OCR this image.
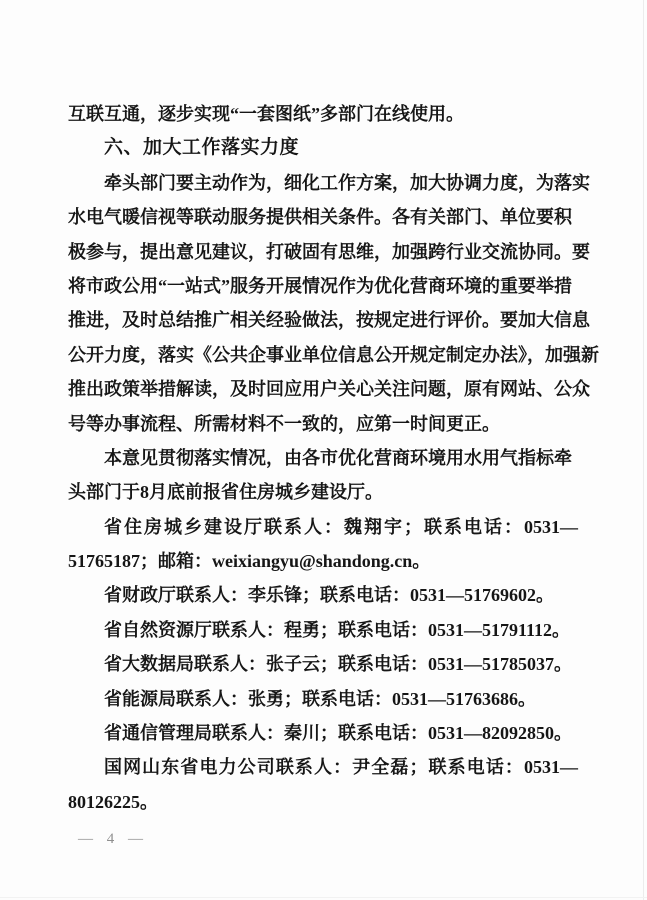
互联互通，逐步实现“一套图纸”多部门在线使用。
六、加大工作落实力度
牵头部门要主动作为，细化工作方案，加大协调力度，为落实
水电气暖信视等联动服务提供相关条件。各有关部门、单位要积
极参与，提出意见建议，打破固有思维，加强跨行业交流协同。要
将市政公用“一站式”服务开展情况作为优化营商环境的重要举措
推进，及时总结推广相关经验做法，按规定进行评价。要加大信息
公开力度，落实《公共企事业单位信息公开规定制定办法》，加强新
推出政策举措解读，及时回应用户关心关注问题，原有网站、公众
号等办事流程、所需材料不一致的，应第一时间更正。
本意见贯彻落实情况，由各市优化营商环境用水用气指标牵
头部门于8月底前报省住房城乡建设厅。
省住房城乡建设厅联系人：魏翔宇；联系电话：0531—
51765187；邮箱：weixiangyu@shandong.cn。
省财政厅联系人：李乐锋；联系电话：0531—51769602。
省自然资源厅联系人：程勇；联系电话：0531—51791112。
省大数据局联系人：张子云；联系电话：0531—51785037。
省能源局联系人：张勇；联系电话：0531—51763686。
省通信管理局联系人：秦川；联系电话：0531—82092850。
国网山东省电力公司联系人：尹全磊；联系电话：0531—
80126225。
— 4 —
